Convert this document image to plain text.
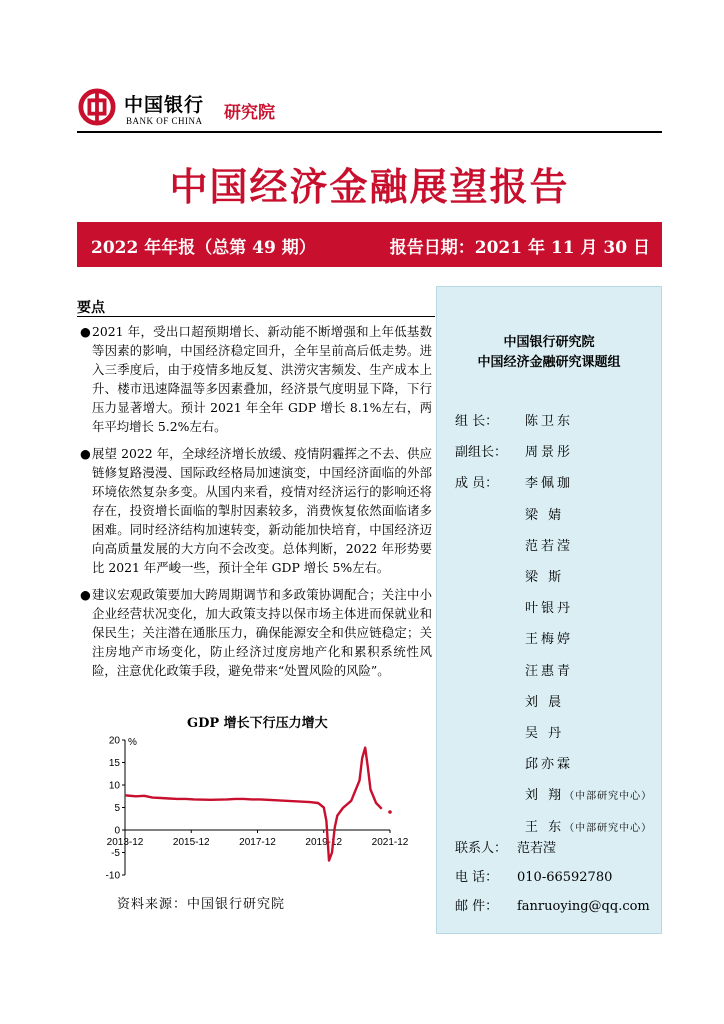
中国银行
BANK OF CHINA 研究院
中国经济金融展望报告
2022 年年报（总第 49 期）	报告日期：2021 年 11 月 30 日
要点
● 2021 年，受出口超预期增长、新动能不断增强和上年低基数等因素的影响，中国经济稳定回升，全年呈前高后低走势。进入三季度后，由于疫情多地反复、洪涝灾害频发、生产成本上升、楼市迅速降温等多因素叠加，经济景气度明显下降，下行压力显著增大。预计 2021 年全年 GDP 增长 8.1%左右，两年平均增长 5.2%左右。
● 展望 2022 年，全球经济增长放缓、疫情阴霾挥之不去、供应链修复路漫漫、国际政经格局加速演变，中国经济面临的外部环境依然复杂多变。从国内来看，疫情对经济运行的影响还将存在，投资增长面临的掣肘因素较多，消费恢复依然面临诸多困难。同时经济结构加速转变，新动能加快培育，中国经济迈向高质量发展的大方向不会改变。总体判断，2022 年形势要比 2021 年严峻一些，预计全年 GDP 增长 5%左右。
● 建议宏观政策要加大跨周期调节和多政策协调配合；关注中小企业经营状况变化，加大政策支持以保市场主体进而保就业和保民生；关注潜在通胀压力，确保能源安全和供应链稳定；关注房地产市场变化，防止经济过度房地产化和累积系统性风险，注意优化政策手段，避免带来“处置风险的风险”。
GDP 增长下行压力增大
20
15
10
5
0
-5
-10
%
2013-12	2015-12	2017-12	2019-12	2021-12
资料来源：中国银行研究院
中国银行研究院
中国经济金融研究课题组
组 长： 陈卫东
副组长： 周景彤
成 员： 李佩珈
梁 婧
范若滢
梁 斯
叶银丹
王梅婷
汪惠青
刘 晨
吴 丹
邱亦霖
刘 翔（中部研究中心）
王 东（中部研究中心）
联系人： 范若滢
电 话： 010-66592780
邮 件： fanruoying@qq.com
